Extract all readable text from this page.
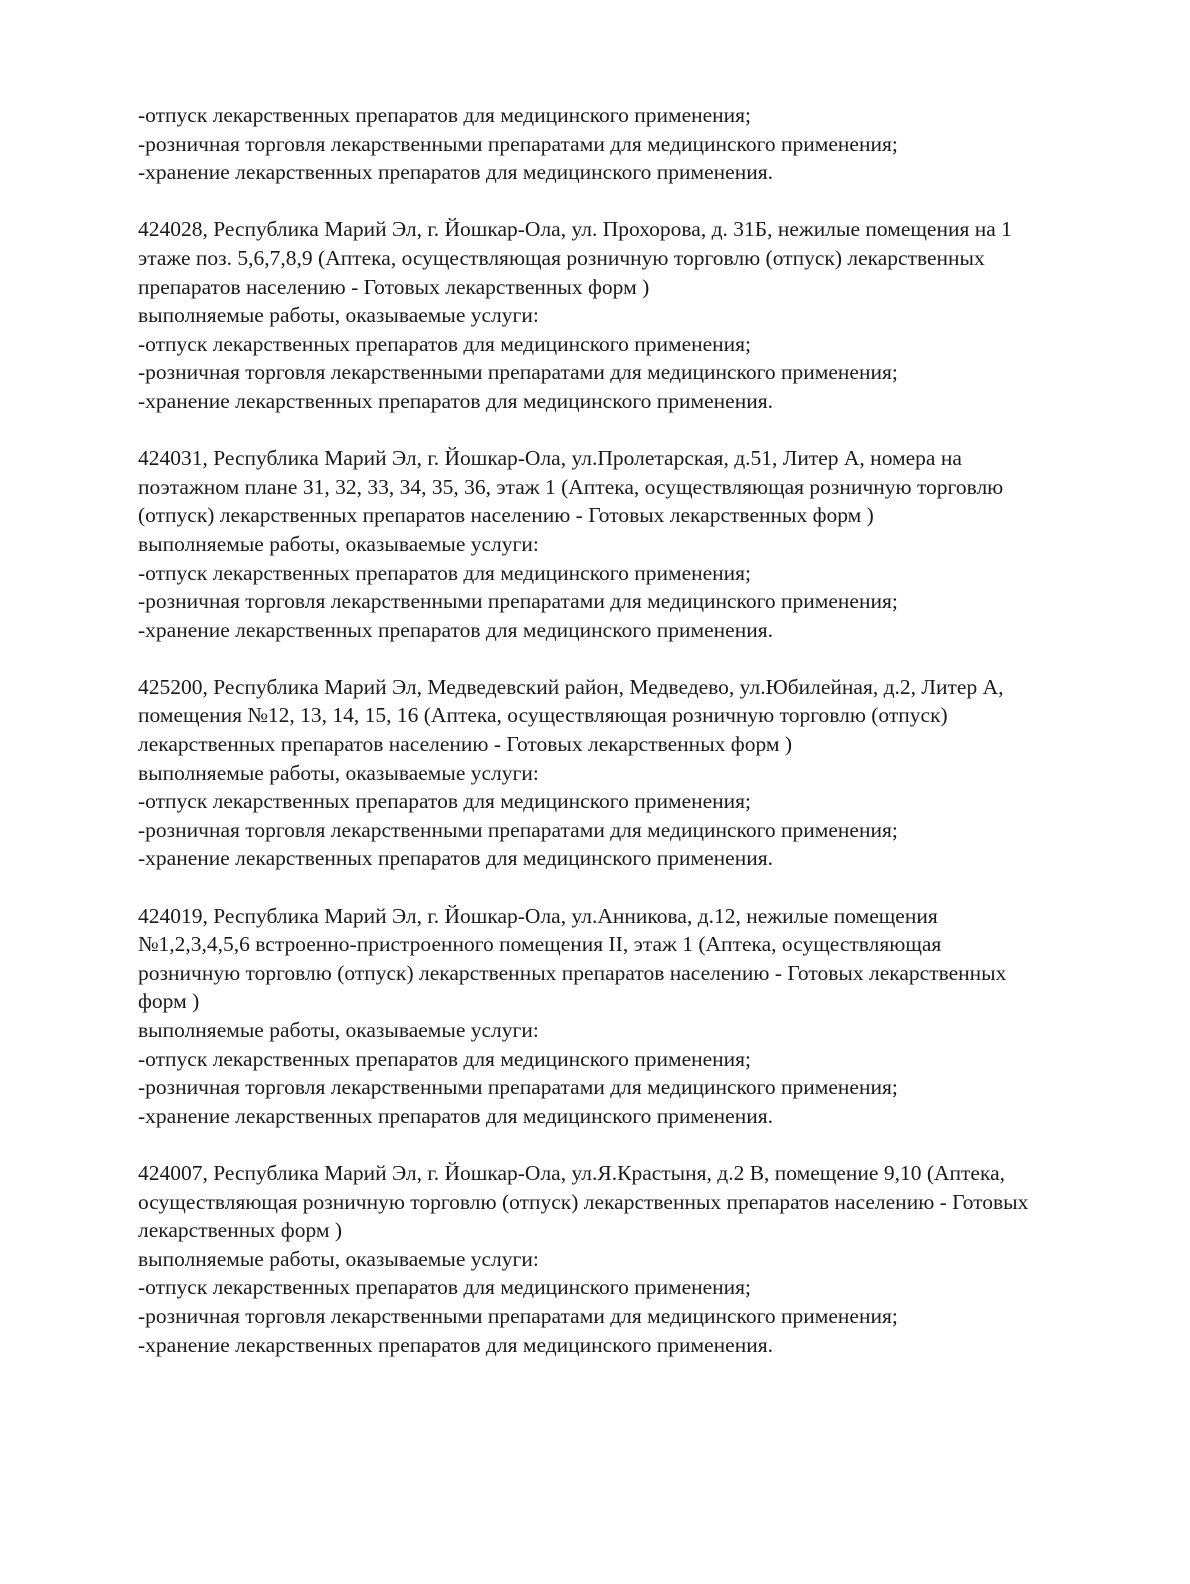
-отпуск лекарственных препаратов для медицинского применения;
-розничная торговля лекарственными препаратами для медицинского применения;
-хранение лекарственных препаратов для медицинского применения.
424028, Республика Марий Эл, г. Йошкар-Ола, ул. Прохорова, д. 31Б, нежилые помещения на 1
этаже поз. 5,6,7,8,9 (Аптека, осуществляющая розничную торговлю (отпуск) лекарственных
препаратов населению - Готовых лекарственных форм )
выполняемые работы, оказываемые услуги:
-отпуск лекарственных препаратов для медицинского применения;
-розничная торговля лекарственными препаратами для медицинского применения;
-хранение лекарственных препаратов для медицинского применения.
424031, Республика Марий Эл, г. Йошкар-Ола, ул.Пролетарская, д.51, Литер А, номера на
поэтажном плане 31, 32, 33, 34, 35, 36, этаж 1 (Аптека, осуществляющая розничную торговлю
(отпуск) лекарственных препаратов населению - Готовых лекарственных форм )
выполняемые работы, оказываемые услуги:
-отпуск лекарственных препаратов для медицинского применения;
-розничная торговля лекарственными препаратами для медицинского применения;
-хранение лекарственных препаратов для медицинского применения.
425200, Республика Марий Эл, Медведевский район, Медведево, ул.Юбилейная, д.2, Литер А,
помещения №12, 13, 14, 15, 16 (Аптека, осуществляющая розничную торговлю (отпуск)
лекарственных препаратов населению - Готовых лекарственных форм )
выполняемые работы, оказываемые услуги:
-отпуск лекарственных препаратов для медицинского применения;
-розничная торговля лекарственными препаратами для медицинского применения;
-хранение лекарственных препаратов для медицинского применения.
424019, Республика Марий Эл, г. Йошкар-Ола, ул.Анникова, д.12, нежилые помещения
№1,2,3,4,5,6 встроенно-пристроенного помещения II, этаж 1 (Аптека, осуществляющая
розничную торговлю (отпуск) лекарственных препаратов населению - Готовых лекарственных
форм )
выполняемые работы, оказываемые услуги:
-отпуск лекарственных препаратов для медицинского применения;
-розничная торговля лекарственными препаратами для медицинского применения;
-хранение лекарственных препаратов для медицинского применения.
424007, Республика Марий Эл, г. Йошкар-Ола, ул.Я.Крастыня, д.2 В, помещение 9,10 (Аптека,
осуществляющая розничную торговлю (отпуск) лекарственных препаратов населению - Готовых
лекарственных форм )
выполняемые работы, оказываемые услуги:
-отпуск лекарственных препаратов для медицинского применения;
-розничная торговля лекарственными препаратами для медицинского применения;
-хранение лекарственных препаратов для медицинского применения.
